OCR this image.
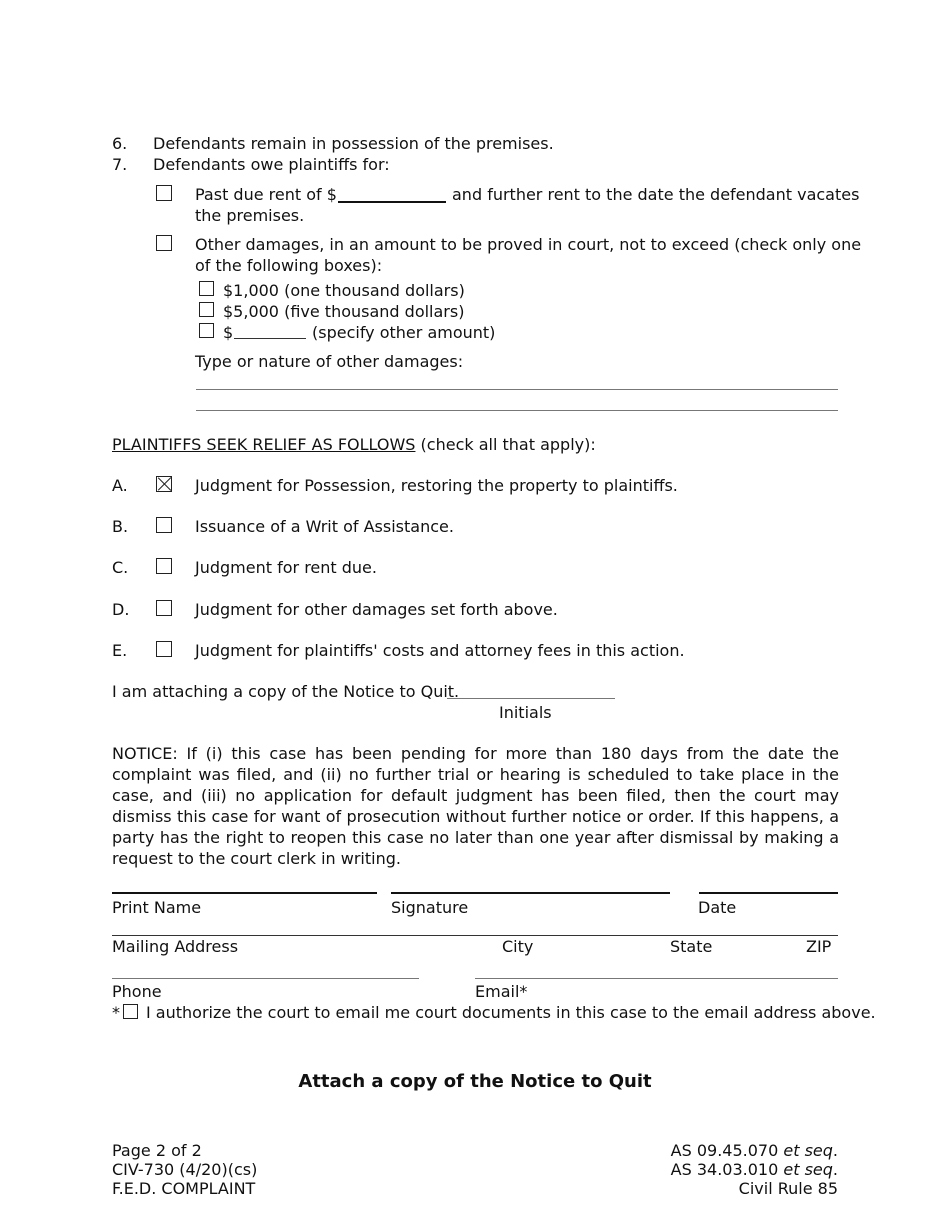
6. Defendants remain in possession of the premises.
7. Defendants owe plaintiffs for:
Past due rent of $	and further rent to the date the defendant vacates
the premises.
Other damages, in an amount to be proved in court, not to exceed (check only one
of the following boxes):
$1,000 (one thousand dollars)
$5,000 (five thousand dollars)
$	(specify other amount)
Type or nature of other damages:
PLAINTIFFS SEEK RELIEF AS FOLLOWS (check all that apply):
A.	Judgment for Possession, restoring the property to plaintiffs.
B.	Issuance of a Writ of Assistance.
C.	Judgment for rent due.
D.	Judgment for other damages set forth above.
E.	Judgment for plaintiffs' costs and attorney fees in this action.
I am attaching a copy of the Notice to Quit.
Initials
NOTICE: If (i) this case has been pending for more than 180 days from the date the complaint was filed, and (ii) no further trial or hearing is scheduled to take place in the case, and (iii) no application for default judgment has been filed, then the court may dismiss this case for want of prosecution without further notice or order. If this happens, a party has the right to reopen this case no later than one year after dismissal by making a request to the court clerk in writing.
Print Name	Signature	Date
Mailing Address	City	State	ZIP
Phone	Email*
* I authorize the court to email me court documents in this case to the email address above.
Attach a copy of the Notice to Quit
Page 2 of 2
CIV-730 (4/20)(cs)
F.E.D. COMPLAINT
AS 09.45.070 et seq.
AS 34.03.010 et seq.
Civil Rule 85
